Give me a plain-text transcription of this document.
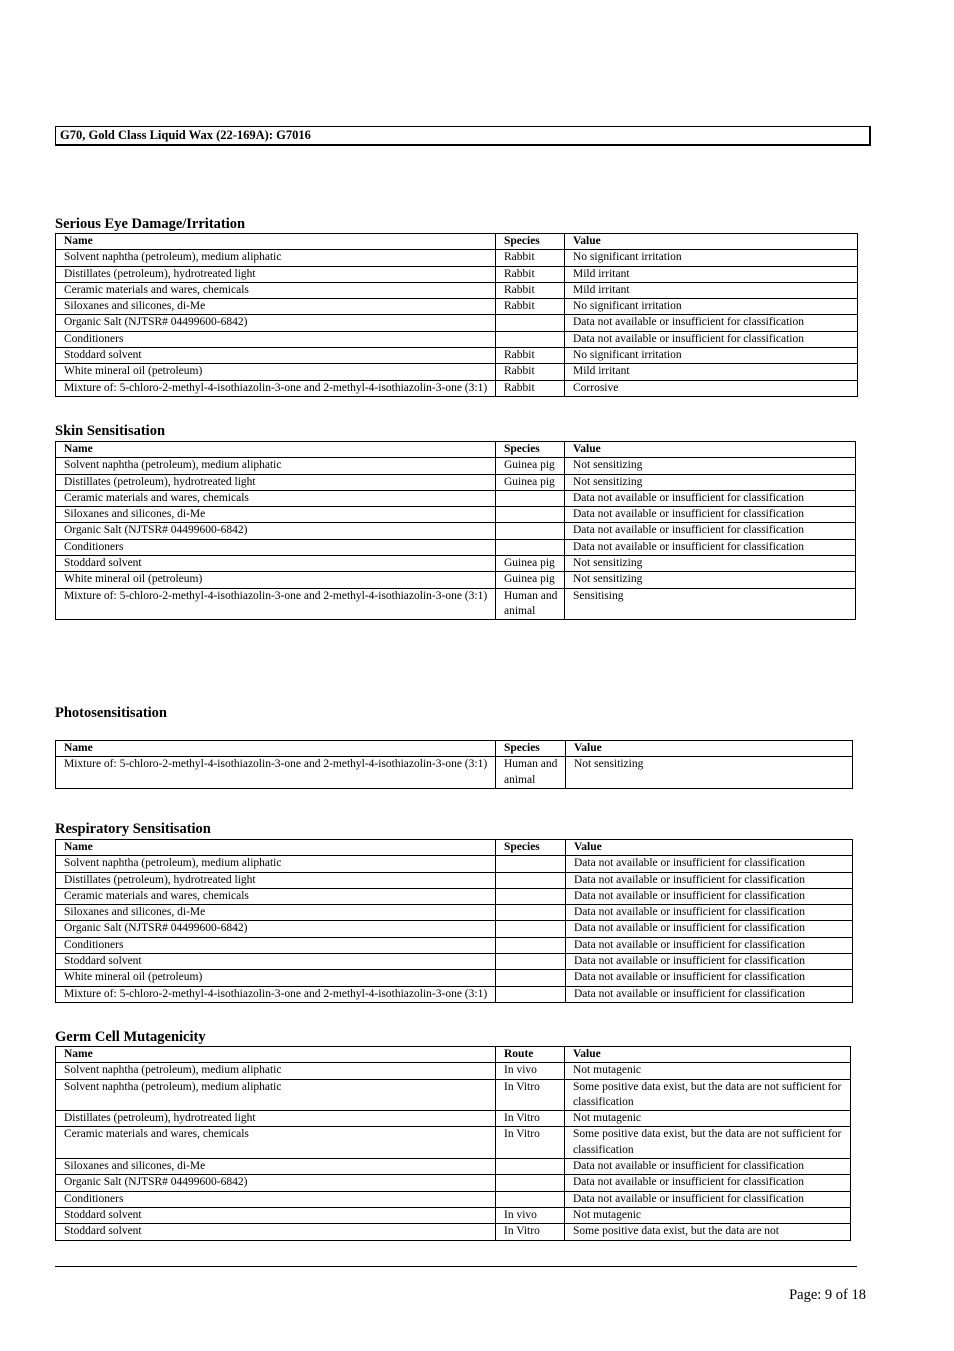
G70, Gold Class Liquid Wax (22-169A): G7016
Serious Eye Damage/Irritation
Name	Species	Value
Solvent naphtha (petroleum), medium aliphatic	Rabbit	No significant irritation
Distillates (petroleum), hydrotreated light	Rabbit	Mild irritant
Ceramic materials and wares, chemicals	Rabbit	Mild irritant
Siloxanes and silicones, di-Me	Rabbit	No significant irritation
Organic Salt (NJTSR# 04499600-6842)		Data not available or insufficient for classification
Conditioners		Data not available or insufficient for classification
Stoddard solvent	Rabbit	No significant irritation
White mineral oil (petroleum)	Rabbit	Mild irritant
Mixture of: 5-chloro-2-methyl-4-isothiazolin-3-one and 2-methyl-4-isothiazolin-3-one (3:1)	Rabbit	Corrosive
Skin Sensitisation
Name	Species	Value
Solvent naphtha (petroleum), medium aliphatic	Guinea pig	Not sensitizing
Distillates (petroleum), hydrotreated light	Guinea pig	Not sensitizing
Ceramic materials and wares, chemicals		Data not available or insufficient for classification
Siloxanes and silicones, di-Me		Data not available or insufficient for classification
Organic Salt (NJTSR# 04499600-6842)		Data not available or insufficient for classification
Conditioners		Data not available or insufficient for classification
Stoddard solvent	Guinea pig	Not sensitizing
White mineral oil (petroleum)	Guinea pig	Not sensitizing
Mixture of: 5-chloro-2-methyl-4-isothiazolin-3-one and 2-methyl-4-isothiazolin-3-one (3:1)	Human and animal	Sensitising
Photosensitisation
Name	Species	Value
Mixture of: 5-chloro-2-methyl-4-isothiazolin-3-one and 2-methyl-4-isothiazolin-3-one (3:1)	Human and animal	Not sensitizing
Respiratory Sensitisation
Name	Species	Value
Solvent naphtha (petroleum), medium aliphatic		Data not available or insufficient for classification
Distillates (petroleum), hydrotreated light		Data not available or insufficient for classification
Ceramic materials and wares, chemicals		Data not available or insufficient for classification
Siloxanes and silicones, di-Me		Data not available or insufficient for classification
Organic Salt (NJTSR# 04499600-6842)		Data not available or insufficient for classification
Conditioners		Data not available or insufficient for classification
Stoddard solvent		Data not available or insufficient for classification
White mineral oil (petroleum)		Data not available or insufficient for classification
Mixture of: 5-chloro-2-methyl-4-isothiazolin-3-one and 2-methyl-4-isothiazolin-3-one (3:1)		Data not available or insufficient for classification
Germ Cell Mutagenicity
Name	Route	Value
Solvent naphtha (petroleum), medium aliphatic	In vivo	Not mutagenic
Solvent naphtha (petroleum), medium aliphatic	In Vitro	Some positive data exist, but the data are not sufficient for classification
Distillates (petroleum), hydrotreated light	In Vitro	Not mutagenic
Ceramic materials and wares, chemicals	In Vitro	Some positive data exist, but the data are not sufficient for classification
Siloxanes and silicones, di-Me		Data not available or insufficient for classification
Organic Salt (NJTSR# 04499600-6842)		Data not available or insufficient for classification
Conditioners		Data not available or insufficient for classification
Stoddard solvent	In vivo	Not mutagenic
Stoddard solvent	In Vitro	Some positive data exist, but the data are not
Page: 9 of 18
